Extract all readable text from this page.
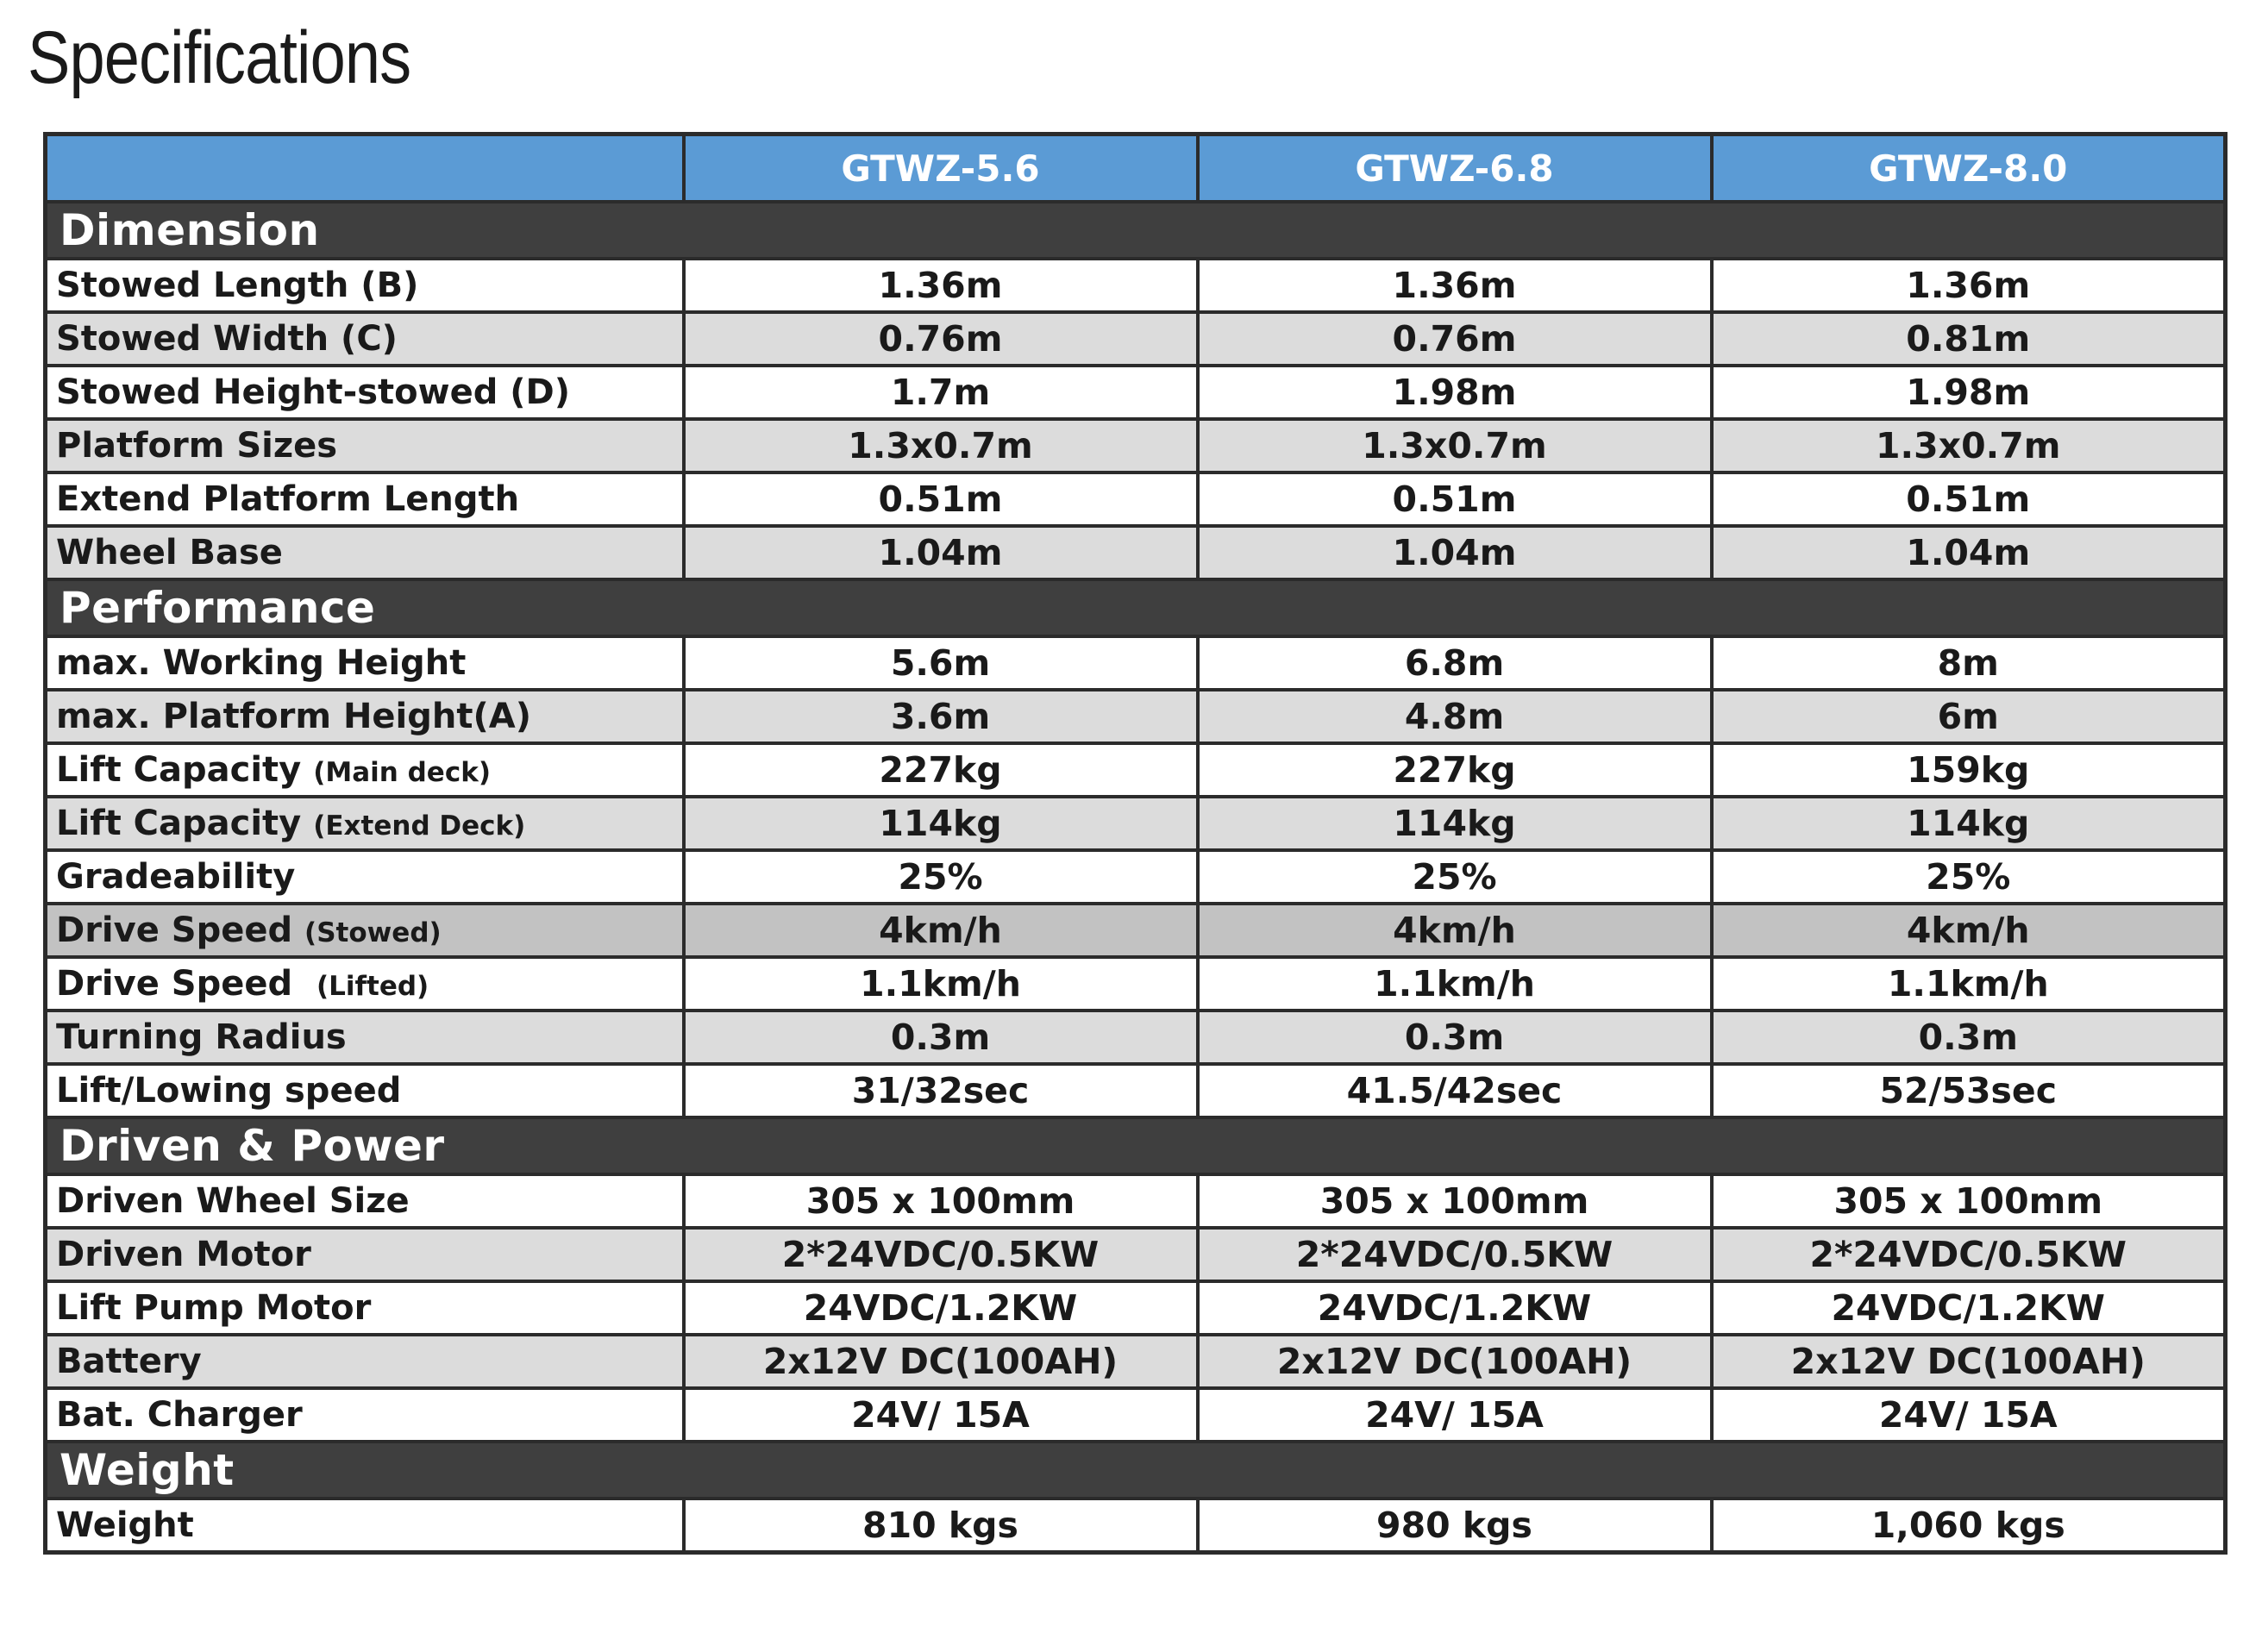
Specifications
	GTWZ-5.6	GTWZ-6.8	GTWZ-8.0
Dimension			
Stowed Length (B)	1.36m	1.36m	1.36m
Stowed Width (C)	0.76m	0.76m	0.81m
Stowed Height-stowed (D)	1.7m	1.98m	1.98m
Platform Sizes	1.3x0.7m	1.3x0.7m	1.3x0.7m
Extend Platform Length	0.51m	0.51m	0.51m
Wheel Base	1.04m	1.04m	1.04m
Performance			
max. Working Height	5.6m	6.8m	8m
max. Platform Height(A)	3.6m	4.8m	6m
Lift Capacity (Main deck)	227kg	227kg	159kg
Lift Capacity (Extend Deck)	114kg	114kg	114kg
Gradeability	25%	25%	25%
Drive Speed (Stowed)	4km/h	4km/h	4km/h
Drive Speed (Lifted)	1.1km/h	1.1km/h	1.1km/h
Turning Radius	0.3m	0.3m	0.3m
Lift/Lowing speed	31/32sec	41.5/42sec	52/53sec
Driven & Power			
Driven Wheel Size	305 x 100mm	305 x 100mm	305 x 100mm
Driven Motor	2*24VDC/0.5KW	2*24VDC/0.5KW	2*24VDC/0.5KW
Lift Pump Motor	24VDC/1.2KW	24VDC/1.2KW	24VDC/1.2KW
Battery	2x12V DC(100AH)	2x12V DC(100AH)	2x12V DC(100AH)
Bat. Charger	24V/ 15A	24V/ 15A	24V/ 15A
Weight			
Weight	810 kgs	980 kgs	1,060 kgs
